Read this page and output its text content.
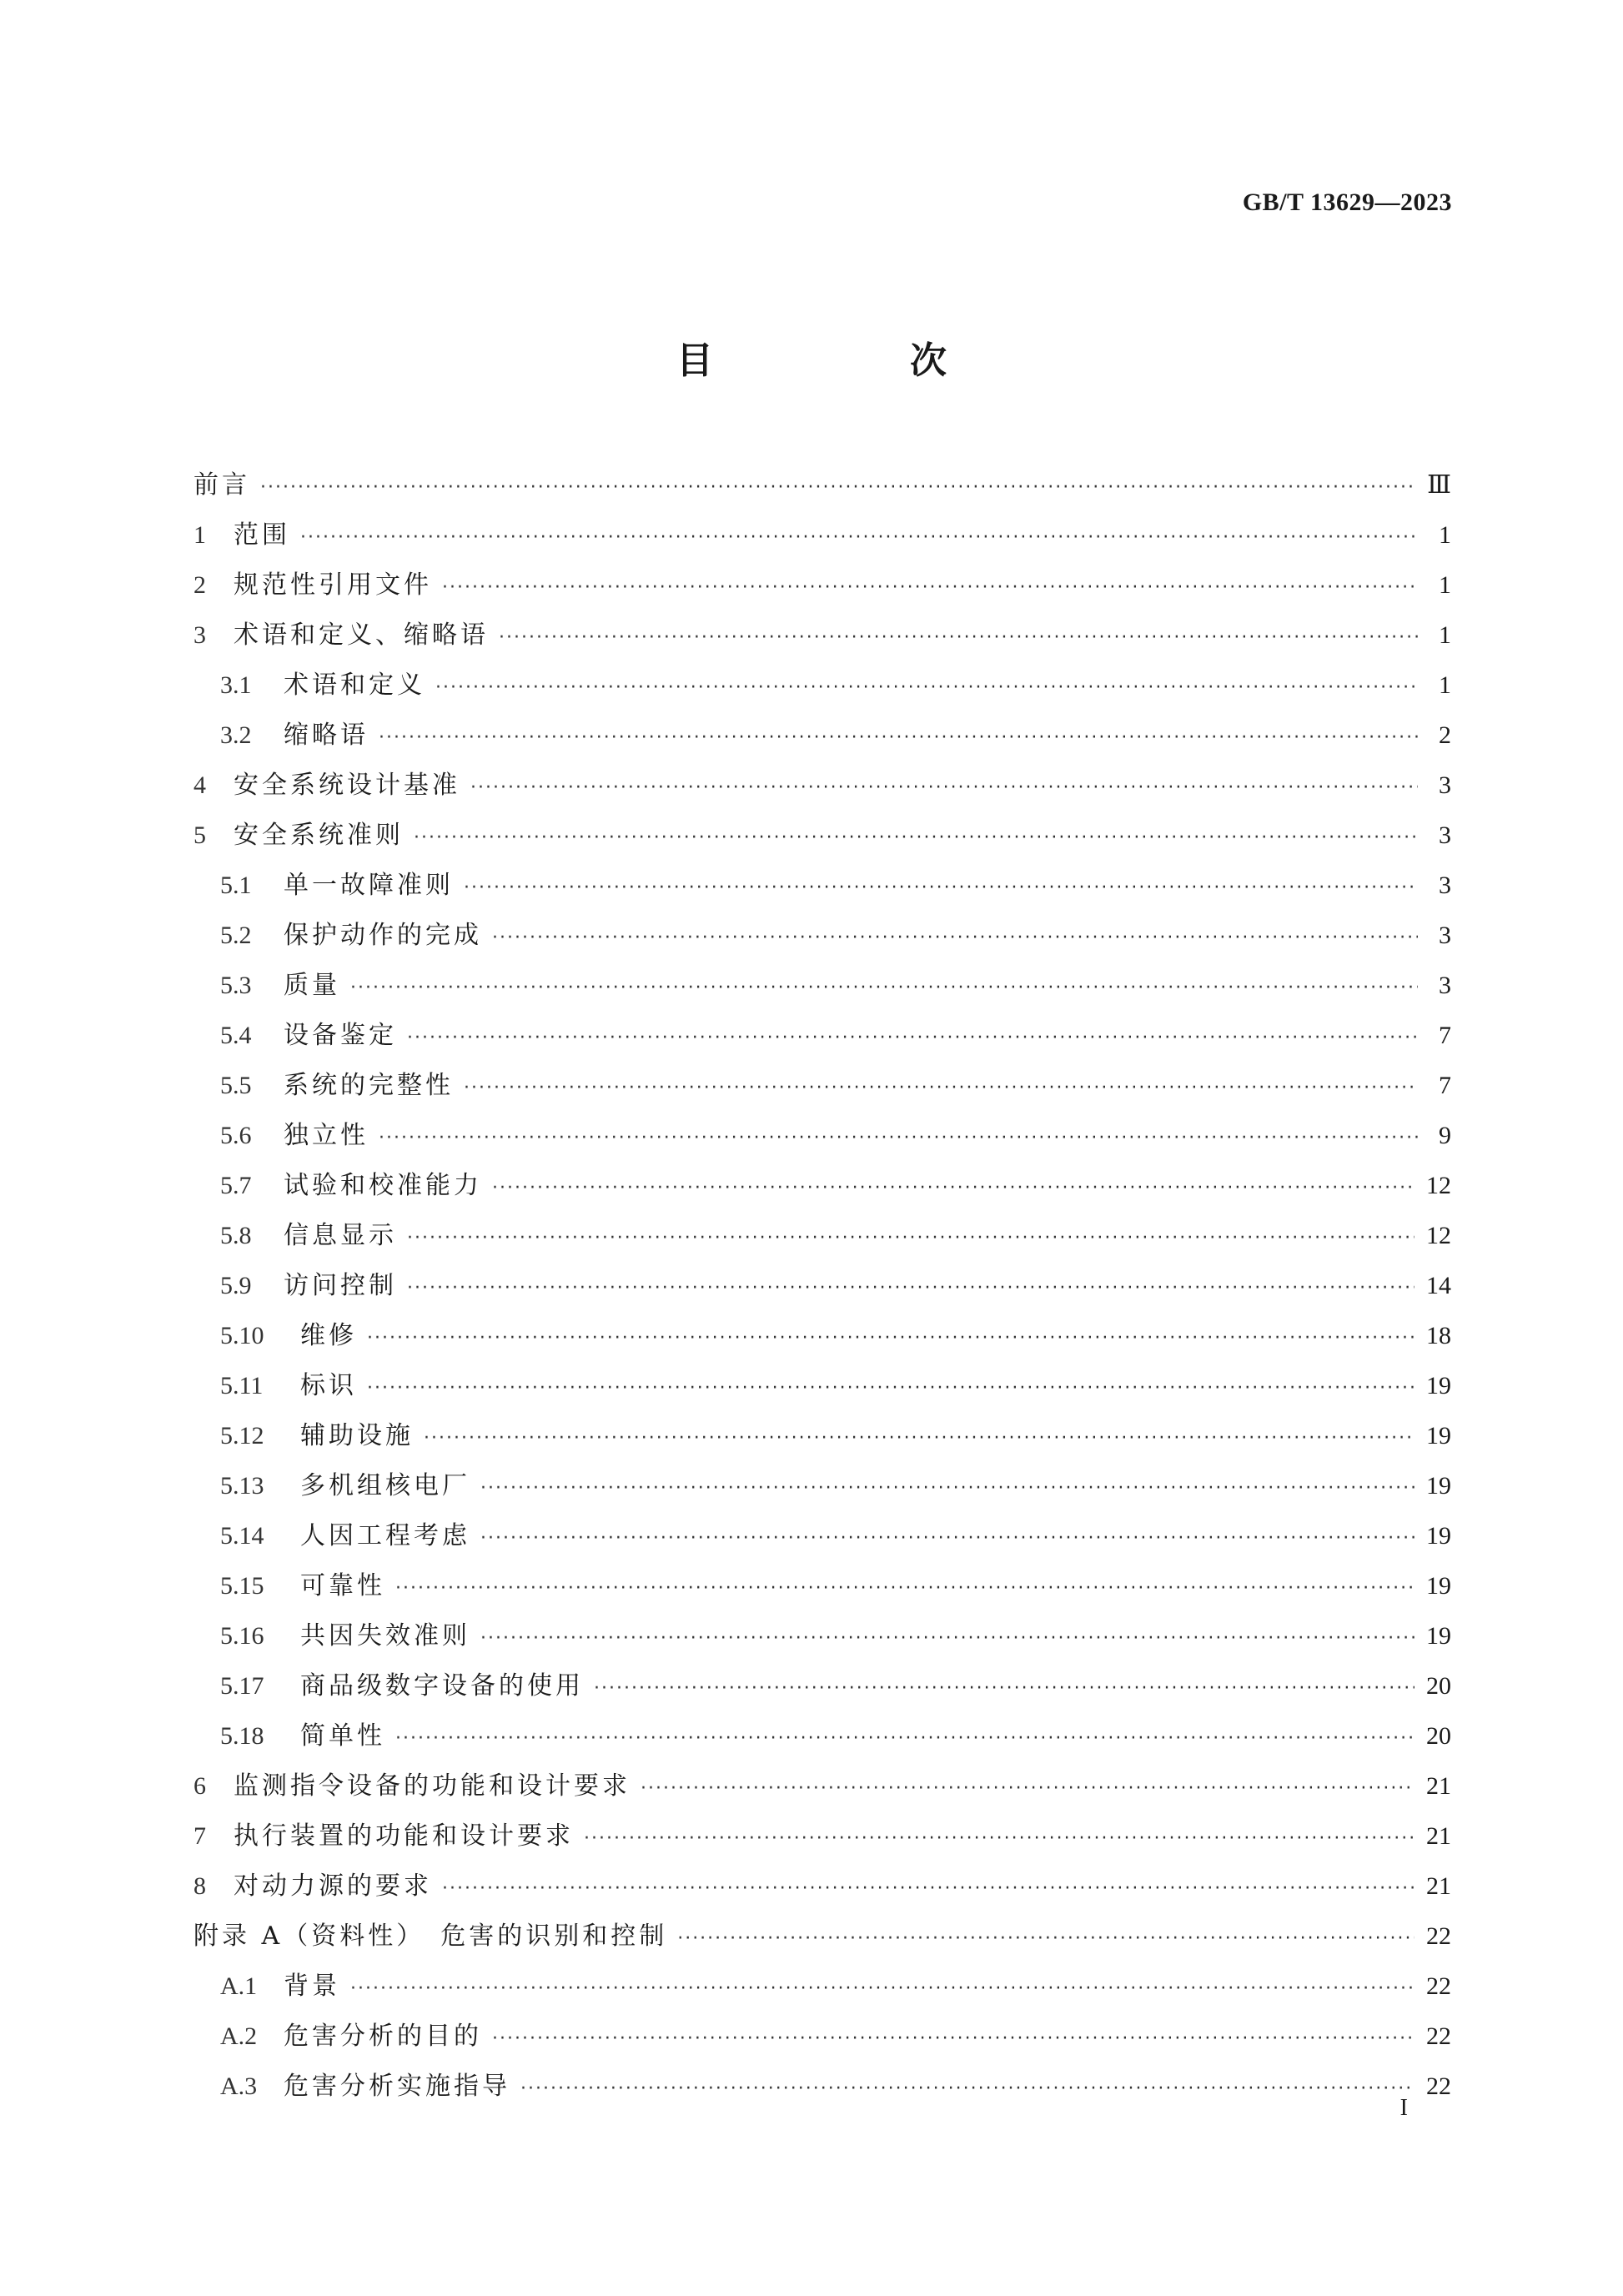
GB/T 13629—2023
目　次
前言 ·····	Ⅲ
1	范围 ·····	1
2	规范性引用文件 ·····	1
3	术语和定义、缩略语 ·····	1
3.1	术语和定义 ·····	1
3.2	缩略语 ·····	2
4	安全系统设计基准 ·····	3
5	安全系统准则 ·····	3
5.1	单一故障准则 ·····	3
5.2	保护动作的完成 ·····	3
5.3	质量 ·····	3
5.4	设备鉴定 ·····	7
5.5	系统的完整性 ·····	7
5.6	独立性 ·····	9
5.7	试验和校准能力 ·····	12
5.8	信息显示 ·····	12
5.9	访问控制 ·····	14
5.10	维修 ·····	18
5.11	标识 ·····	19
5.12	辅助设施 ·····	19
5.13	多机组核电厂 ·····	19
5.14	人因工程考虑 ·····	19
5.15	可靠性 ·····	19
5.16	共因失效准则 ·····	19
5.17	商品级数字设备的使用 ·····	20
5.18	简单性 ·····	20
6	监测指令设备的功能和设计要求 ·····	21
7	执行装置的功能和设计要求 ·····	21
8	对动力源的要求 ·····	21
附录 A（资料性）　危害的识别和控制 ·····	22
A.1	背景 ·····	22
A.2	危害分析的目的 ·····	22
A.3	危害分析实施指导 ·····	22
I
